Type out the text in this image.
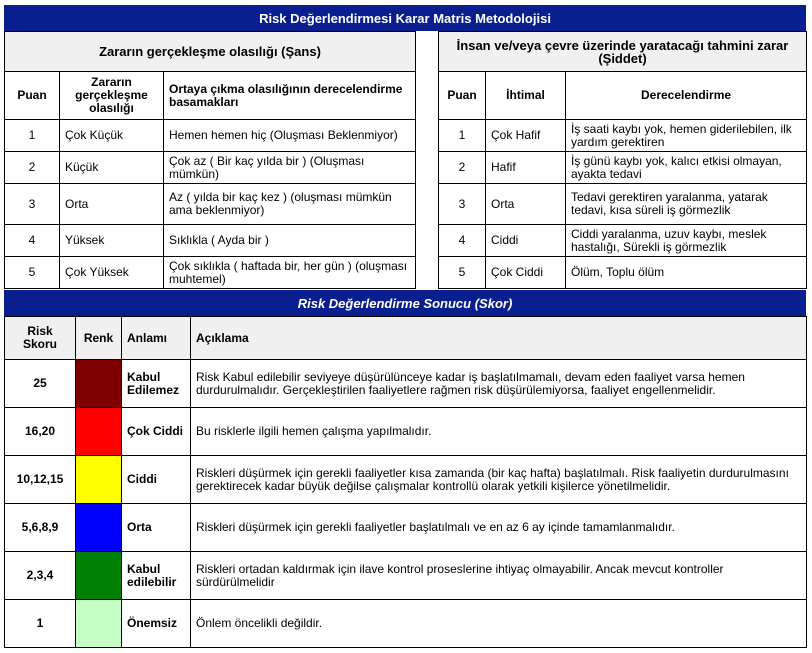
Risk Değerlendirmesi Karar Matris Metodolojisi
Zararın gerçekleşme olasılığı (Şans)		
Puan	Zararın gerçekleşme olasılığı	Ortaya çıkma olasılığının derecelendirme basamakları
1	Çok Küçük	Hemen hemen hiç (Oluşması Beklenmiyor)
2	Küçük	Çok az ( Bir kaç yılda bir ) (Oluşması mümkün)
3	Orta	Az ( yılda bir kaç kez ) (oluşması mümkün ama beklenmiyor)
4	Yüksek	Sıklıkla ( Ayda bir )
5	Çok Yüksek	Çok sıklıkla ( haftada bir, her gün ) (oluşması muhtemel)
İnsan ve/veya çevre üzerinde yaratacağı tahmini zarar (Şiddet)		
Puan	İhtimal	Derecelendirme
1	Çok Hafif	İş saati kaybı yok, hemen giderilebilen, ilk yardım gerektiren
2	Hafif	İş günü kaybı yok, kalıcı etkisi olmayan, ayakta tedavi
3	Orta	Tedavi gerektiren yaralanma, yatarak tedavi, kısa süreli iş görmezlik
4	Ciddi	Ciddi yaralanma, uzuv kaybı, meslek hastalığı, Sürekli iş görmezlik
5	Çok Ciddi	Ölüm, Toplu ölüm
Risk Değerlendirme Sonucu (Skor)
Risk Skoru	Renk	Anlamı	Açıklama
25		Kabul Edilemez	Risk Kabul edilebilir seviyeye düşürülünceye kadar iş başlatılmamalı, devam eden faaliyet varsa hemen durdurulmalıdır. Gerçekleştirilen faaliyetlere rağmen risk düşürülemiyorsa, faaliyet engellenmelidir.
16,20		Çok Ciddi	Bu risklerle ilgili hemen çalışma yapılmalıdır.
10,12,15		Ciddi	Riskleri düşürmek için gerekli faaliyetler kısa zamanda (bir kaç hafta) başlatılmalı. Risk faaliyetin durdurulmasını gerektirecek kadar büyük değilse çalışmalar kontrollü olarak yetkili kişilerce yönetilmelidir.
5,6,8,9		Orta	Riskleri düşürmek için gerekli faaliyetler başlatılmalı ve en az 6 ay içinde tamamlanmalıdır.
2,3,4		Kabul edilebilir	Riskleri ortadan kaldırmak için ilave kontrol proseslerine ihtiyaç olmayabilir. Ancak mevcut kontroller sürdürülmelidir
1		Önemsiz	Önlem öncelikli değildir.
